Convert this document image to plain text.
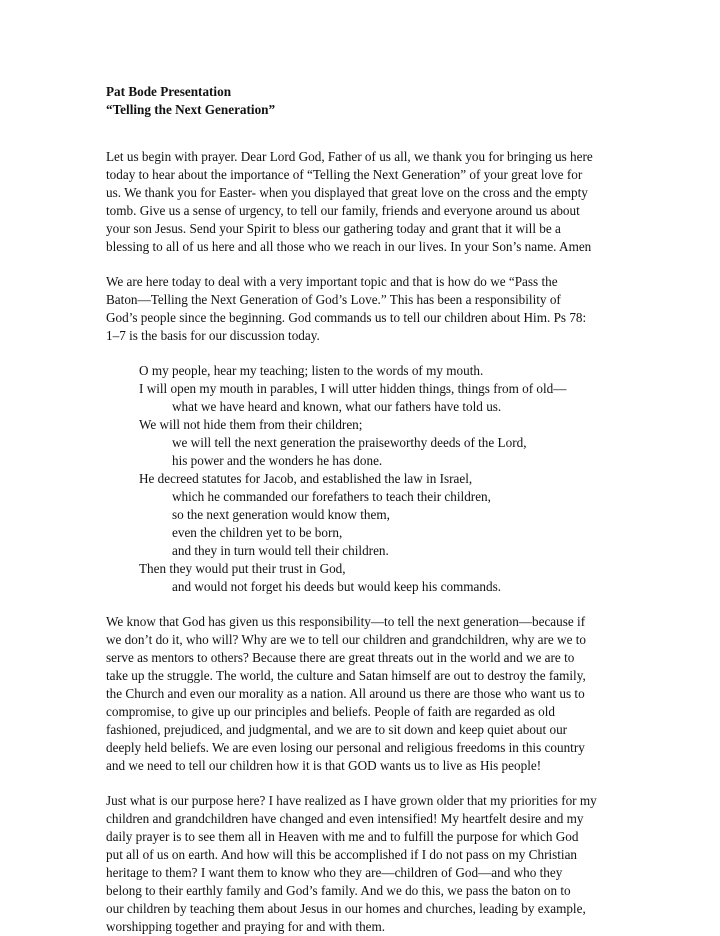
Pat Bode Presentation
“Telling the Next Generation”
Let us begin with prayer. Dear Lord God, Father of us all, we thank you for bringing us here
today to hear about the importance of “Telling the Next Generation” of your great love for
us. We thank you for Easter- when you displayed that great love on the cross and the empty
tomb. Give us a sense of urgency, to tell our family, friends and everyone around us about
your son Jesus. Send your Spirit to bless our gathering today and grant that it will be a
blessing to all of us here and all those who we reach in our lives. In your Son’s name. Amen
We are here today to deal with a very important topic and that is how do we “Pass the
Baton—Telling the Next Generation of God’s Love.” This has been a responsibility of
God’s people since the beginning. God commands us to tell our children about Him. Ps 78:
1–7 is the basis for our discussion today.
O my people, hear my teaching; listen to the words of my mouth.
I will open my mouth in parables, I will utter hidden things, things from of old—
what we have heard and known, what our fathers have told us.
We will not hide them from their children;
we will tell the next generation the praiseworthy deeds of the Lord,
his power and the wonders he has done.
He decreed statutes for Jacob, and established the law in Israel,
which he commanded our forefathers to teach their children,
so the next generation would know them,
even the children yet to be born,
and they in turn would tell their children.
Then they would put their trust in God,
and would not forget his deeds but would keep his commands.
We know that God has given us this responsibility—to tell the next generation—because if
we don’t do it, who will? Why are we to tell our children and grandchildren, why are we to
serve as mentors to others? Because there are great threats out in the world and we are to
take up the struggle. The world, the culture and Satan himself are out to destroy the family,
the Church and even our morality as a nation. All around us there are those who want us to
compromise, to give up our principles and beliefs. People of faith are regarded as old
fashioned, prejudiced, and judgmental, and we are to sit down and keep quiet about our
deeply held beliefs. We are even losing our personal and religious freedoms in this country
and we need to tell our children how it is that GOD wants us to live as His people!
Just what is our purpose here? I have realized as I have grown older that my priorities for my
children and grandchildren have changed and even intensified! My heartfelt desire and my
daily prayer is to see them all in Heaven with me and to fulfill the purpose for which God
put all of us on earth. And how will this be accomplished if I do not pass on my Christian
heritage to them? I want them to know who they are—children of God—and who they
belong to their earthly family and God’s family. And we do this, we pass the baton on to
our children by teaching them about Jesus in our homes and churches, leading by example,
worshipping together and praying for and with them.
